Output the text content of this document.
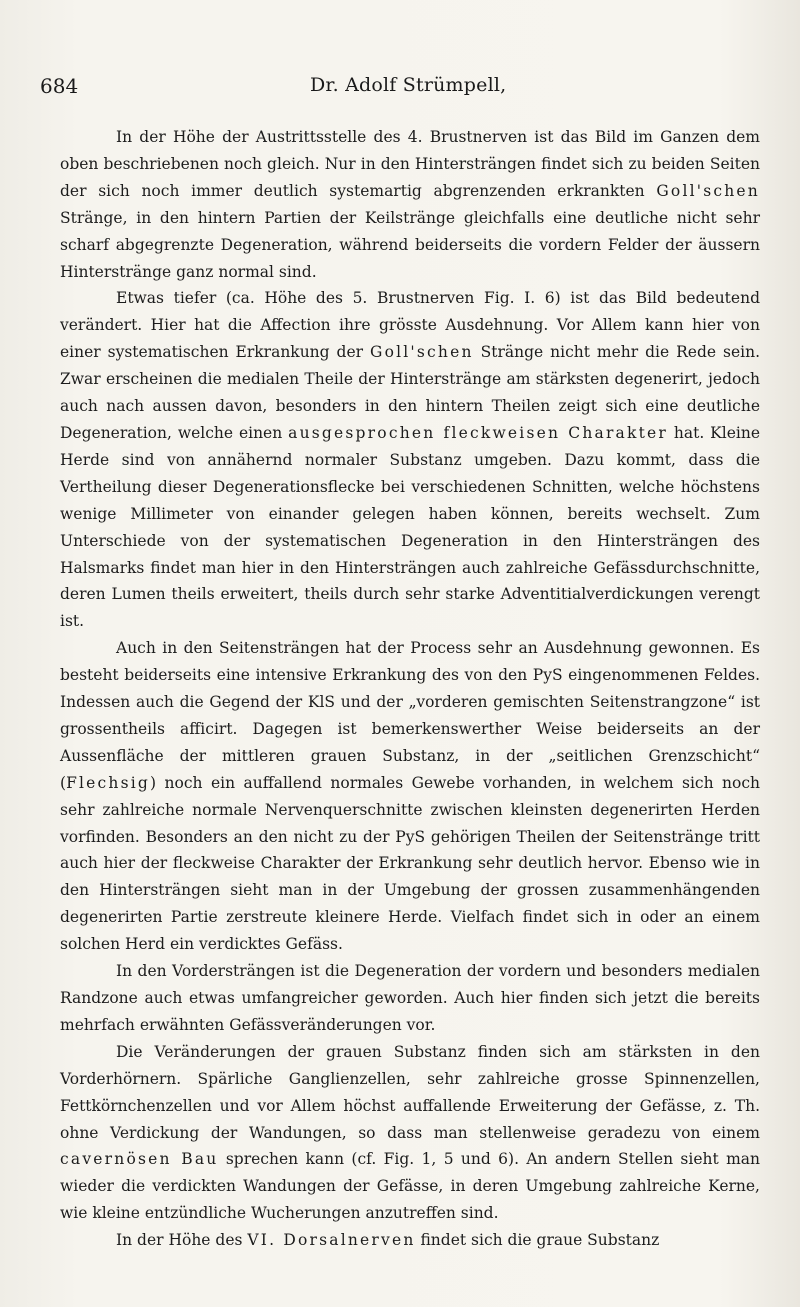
684	Dr. Adolf Strümpell,

In der Höhe der Austrittsstelle des 4. Brustnerven ist das Bild im Ganzen dem oben beschriebenen noch gleich. Nur in den Hintersträngen findet sich zu beiden Seiten der sich noch immer deutlich systemartig abgrenzenden erkrankten Goll'schen Stränge, in den hintern Partien der Keilstränge gleichfalls eine deutliche nicht sehr scharf abgegrenzte Degeneration, während beiderseits die vordern Felder der äussern Hinterstränge ganz normal sind.

Etwas tiefer (ca. Höhe des 5. Brustnerven Fig. I. 6) ist das Bild bedeutend verändert. Hier hat die Affection ihre grösste Ausdehnung. Vor Allem kann hier von einer systematischen Erkrankung der Goll'schen Stränge nicht mehr die Rede sein. Zwar erscheinen die medialen Theile der Hinterstränge am stärksten degenerirt, jedoch auch nach aussen davon, besonders in den hintern Theilen zeigt sich eine deutliche Degeneration, welche einen ausgesprochen fleckweisen Charakter hat. Kleine Herde sind von annähernd normaler Substanz umgeben. Dazu kommt, dass die Vertheilung dieser Degenerationsflecke bei verschiedenen Schnitten, welche höchstens wenige Millimeter von einander gelegen haben können, bereits wechselt. Zum Unterschiede von der systematischen Degeneration in den Hintersträngen des Halsmarks findet man hier in den Hintersträngen auch zahlreiche Gefässdurchschnitte, deren Lumen theils erweitert, theils durch sehr starke Adventitialverdickungen verengt ist.

Auch in den Seitensträngen hat der Process sehr an Ausdehnung gewonnen. Es besteht beiderseits eine intensive Erkrankung des von den PyS eingenommenen Feldes. Indessen auch die Gegend der KlS und der „vorderen gemischten Seitenstrangzone“ ist grossentheils afficirt. Dagegen ist bemerkenswerther Weise beiderseits an der Aussenfläche der mittleren grauen Substanz, in der „seitlichen Grenzschicht“ (Flechsig) noch ein auffallend normales Gewebe vorhanden, in welchem sich noch sehr zahlreiche normale Nervenquerschnitte zwischen kleinsten degenerirten Herden vorfinden. Besonders an den nicht zu der PyS gehörigen Theilen der Seitenstränge tritt auch hier der fleckweise Charakter der Erkrankung sehr deutlich hervor. Ebenso wie in den Hintersträngen sieht man in der Umgebung der grossen zusammenhängenden degenerirten Partie zerstreute kleinere Herde. Vielfach findet sich in oder an einem solchen Herd ein verdicktes Gefäss.

In den Vordersträngen ist die Degeneration der vordern und besonders medialen Randzone auch etwas umfangreicher geworden. Auch hier finden sich jetzt die bereits mehrfach erwähnten Gefässveränderungen vor.

Die Veränderungen der grauen Substanz finden sich am stärksten in den Vorderhörnern. Spärliche Ganglienzellen, sehr zahlreiche grosse Spinnenzellen, Fettkörnchenzellen und vor Allem höchst auffallende Erweiterung der Gefässe, z. Th. ohne Verdickung der Wandungen, so dass man stellenweise geradezu von einem cavernösen Bau sprechen kann (cf. Fig. 1, 5 und 6). An andern Stellen sieht man wieder die verdickten Wandungen der Gefässe, in deren Umgebung zahlreiche Kerne, wie kleine entzündliche Wucherungen anzutreffen sind.

In der Höhe des VI. Dorsalnerven findet sich die graue Substanz
